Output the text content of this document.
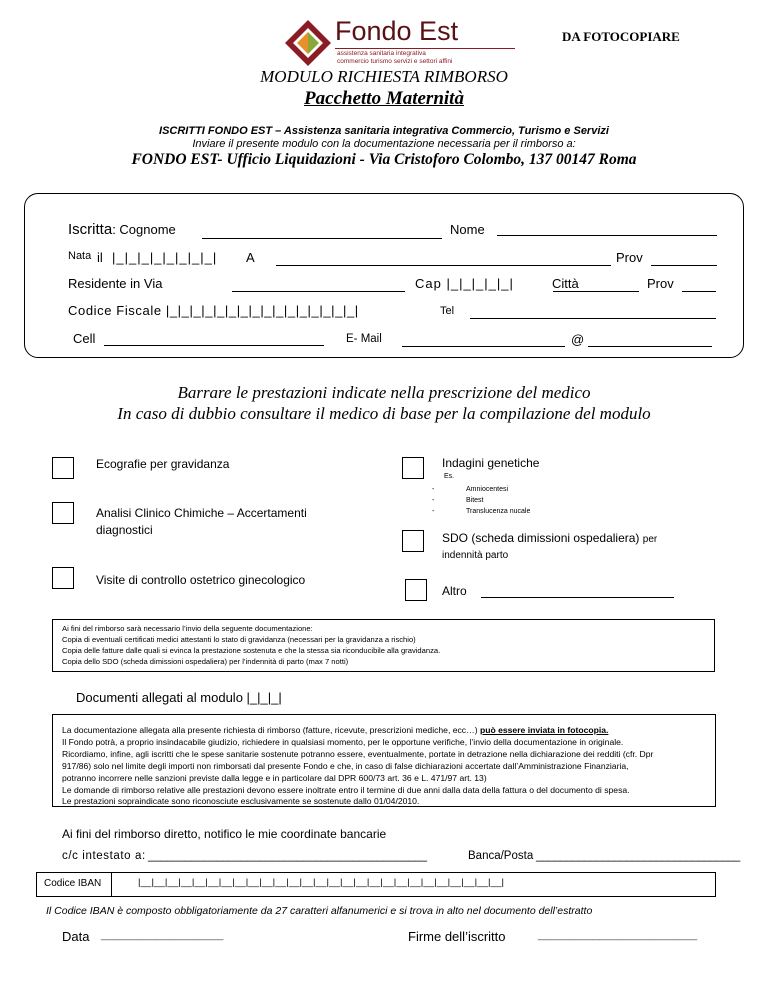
Fondo Est
assistenza sanitaria integrativa
commercio turismo servizi e settori affini
DA FOTOCOPIARE
MODULO RICHIESTA RIMBORSO
Pacchetto Maternità
ISCRITTI FONDO EST – Assistenza sanitaria integrativa Commercio, Turismo e Servizi
Inviare il presente modulo con la documentazione necessaria per il rimborso a:
FONDO EST- Ufficio Liquidazioni - Via Cristoforo Colombo, 137 00147 Roma
Iscritta: Cognome	Nome
Nata il |_|_|_|_|_|_|_|_| A	Prov
Residente in Via	Cap |_|_|_|_|_|	Città	Prov
Codice Fiscale |_|_|_|_|_|_|_|_|_|_|_|_|_|_|_|_|	Tel
Cell	E- Mail	@
Barrare le prestazioni indicate nella prescrizione del medico
In caso di dubbio consultare il medico di base per la compilazione del modulo
Ecografie per gravidanza
Analisi Clinico Chimiche – Accertamenti
diagnostici
Visite di controllo ostetrico ginecologico
Indagini genetiche
Es.
-	Amniocentesi
-	Bitest
-	Translucenza nucale
SDO (scheda dimissioni ospedaliera) per
indennità parto
Altro
Ai fini del rimborso sarà necessario l’invio della seguente documentazione:
Copia di eventuali certificati medici attestanti lo stato di gravidanza (necessari per la gravidanza a rischio)
Copia delle fatture dalle quali si evinca la prestazione sostenuta e che la stessa sia riconducibile alla gravidanza.
Copia dello SDO (scheda dimissioni ospedaliera) per l’indennità di parto (max 7 notti)
Documenti allegati al modulo |_|_|_|
La documentazione allegata alla presente richiesta di rimborso (fatture, ricevute, prescrizioni mediche, ecc…) può essere inviata in fotocopia.
Il Fondo potrà, a proprio insindacabile giudizio, richiedere in qualsiasi momento, per le opportune verifiche, l’invio della documentazione in originale.
Ricordiamo, infine, agli iscritti che le spese sanitarie sostenute potranno essere, eventualmente, portate in detrazione nella dichiarazione dei redditi (cfr. Dpr
917/86) solo nel limite degli importi non rimborsati dal presente Fondo e che, in caso di false dichiarazioni accertate dall’Amministrazione Finanziaria,
potranno incorrere nelle sanzioni previste dalla legge e in particolare dal DPR 600/73 art. 36 e L. 471/97 art. 13)
Le domande di rimborso relative alle prestazioni devono essere inoltrate entro il termine di due anni dalla data della fattura o del documento di spesa.
Le prestazioni sopraindicate sono riconosciute esclusivamente se sostenute dallo 01/04/2010.
Ai fini del rimborso diretto, notifico le mie coordinate bancarie
c/c intestato a: _____________________________________________	Banca/Posta __________________________________
Codice IBAN	|__|__|__|__|__|__|__|__|__|__|__|__|__|__|__|__|__|__|__|__|__|__|__|__|__|__|__|
Il Codice IBAN è composto obbligatoriamente da 27 caratteri alfanumerici e si trova in alto nel documento dell’estratto
Data ____________________	Firme dell’iscritto	__________________________
